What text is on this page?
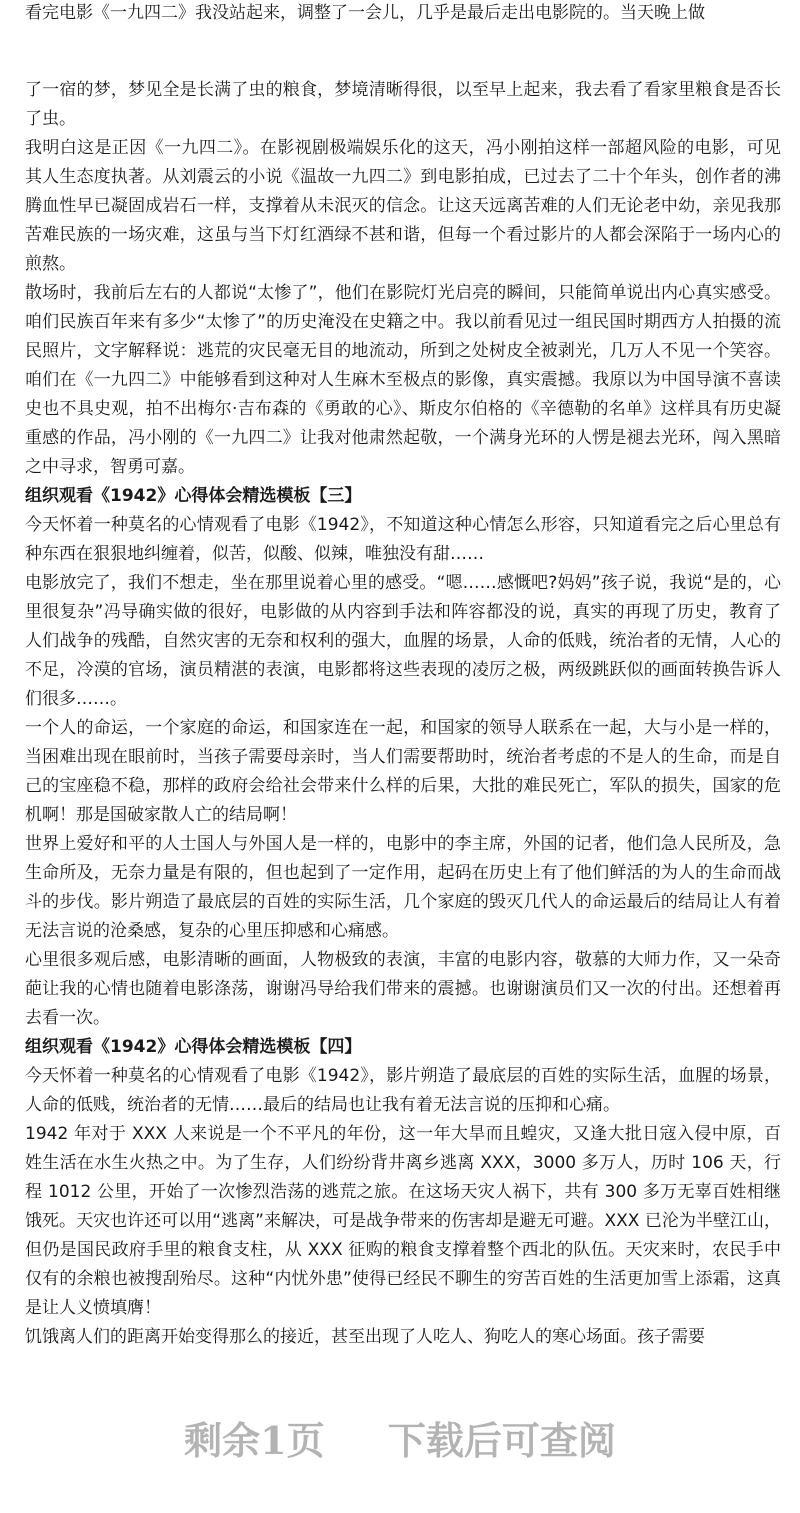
看完电影《一九四二》我没站起来，调整了一会儿，几乎是最后走出电影院的。当天晚上做

了一宿的梦，梦见全是长满了虫的粮食，梦境清晰得很，以至早上起来，我去看了看家里粮食是否长了虫。

我明白这是正因《一九四二》。在影视剧极端娱乐化的这天，冯小刚拍这样一部超风险的电影，可见其人生态度执著。从刘震云的小说《温故一九四二》到电影拍成，已过去了二十个年头，创作者的沸腾血性早已凝固成岩石一样，支撑着从未泯灭的信念。让这天远离苦难的人们无论老中幼，亲见我那苦难民族的一场灾难，这虽与当下灯红酒绿不甚和谐，但每一个看过影片的人都会深陷于一场内心的煎熬。

散场时，我前后左右的人都说“太惨了”，他们在影院灯光启亮的瞬间，只能简单说出内心真实感受。咱们民族百年来有多少“太惨了”的历史淹没在史籍之中。我以前看见过一组民国时期西方人拍摄的流民照片，文字解释说：逃荒的灾民毫无目的地流动，所到之处树皮全被剥光，几万人不见一个笑容。咱们在《一九四二》中能够看到这种对人生麻木至极点的影像，真实震撼。我原以为中国导演不喜读史也不具史观，拍不出梅尔·吉布森的《勇敢的心》、斯皮尔伯格的《辛德勒的名单》这样具有历史凝重感的作品，冯小刚的《一九四二》让我对他肃然起敬，一个满身光环的人愣是褪去光环，闯入黑暗之中寻求，智勇可嘉。

组织观看《1942》心得体会精选模板【三】

今天怀着一种莫名的心情观看了电影《1942》，不知道这种心情怎么形容，只知道看完之后心里总有种东西在狠狠地纠缠着，似苦，似酸、似辣，唯独没有甜……

电影放完了，我们不想走，坐在那里说着心里的感受。“嗯……感慨吧?妈妈”孩子说，我说“是的，心里很复杂”冯导确实做的很好，电影做的从内容到手法和阵容都没的说，真实的再现了历史，教育了人们战争的残酷，自然灾害的无奈和权利的强大，血腥的场景，人命的低贱，统治者的无情，人心的不足，冷漠的官场，演员精湛的表演，电影都将这些表现的凌厉之极，两级跳跃似的画面转换告诉人们很多……。

一个人的命运，一个家庭的命运，和国家连在一起，和国家的领导人联系在一起，大与小是一样的，当困难出现在眼前时，当孩子需要母亲时，当人们需要帮助时，统治者考虑的不是人的生命，而是自己的宝座稳不稳，那样的政府会给社会带来什么样的后果，大批的难民死亡，军队的损失，国家的危机啊！那是国破家散人亡的结局啊！

世界上爱好和平的人士国人与外国人是一样的，电影中的李主席，外国的记者，他们急人民所及，急生命所及，无奈力量是有限的，但也起到了一定作用，起码在历史上有了他们鲜活的为人的生命而战斗的步伐。影片朔造了最底层的百姓的实际生活，几个家庭的毁灭几代人的命运最后的结局让人有着无法言说的沧桑感，复杂的心里压抑感和心痛感。

心里很多观后感，电影清晰的画面，人物极致的表演，丰富的电影内容，敬慕的大师力作，又一朵奇葩让我的心情也随着电影涤荡，谢谢冯导给我们带来的震撼。也谢谢演员们又一次的付出。还想着再去看一次。

组织观看《1942》心得体会精选模板【四】

今天怀着一种莫名的心情观看了电影《1942》，影片朔造了最底层的百姓的实际生活，血腥的场景，人命的低贱，统治者的无情……最后的结局也让我有着无法言说的压抑和心痛。

1942 年对于 XXX 人来说是一个不平凡的年份，这一年大旱而且蝗灾，又逢大批日寇入侵中原，百姓生活在水生火热之中。为了生存，人们纷纷背井离乡逃离 XXX，3000 多万人，历时 106 天，行程 1012 公里，开始了一次惨烈浩荡的逃荒之旅。在这场天灾人祸下，共有 300 多万无辜百姓相继饿死。天灾也许还可以用“逃离”来解决，可是战争带来的伤害却是避无可避。XXX 已沦为半壁江山，但仍是国民政府手里的粮食支柱，从 XXX 征购的粮食支撑着整个西北的队伍。天灾来时，农民手中仅有的余粮也被搜刮殆尽。这种“内忧外患”使得已经民不聊生的穷苦百姓的生活更加雪上添霜，这真是让人义愤填膺！

饥饿离人们的距离开始变得那么的接近，甚至出现了人吃人、狗吃人的寒心场面。孩子需要

剩余1页 下载后可查阅
